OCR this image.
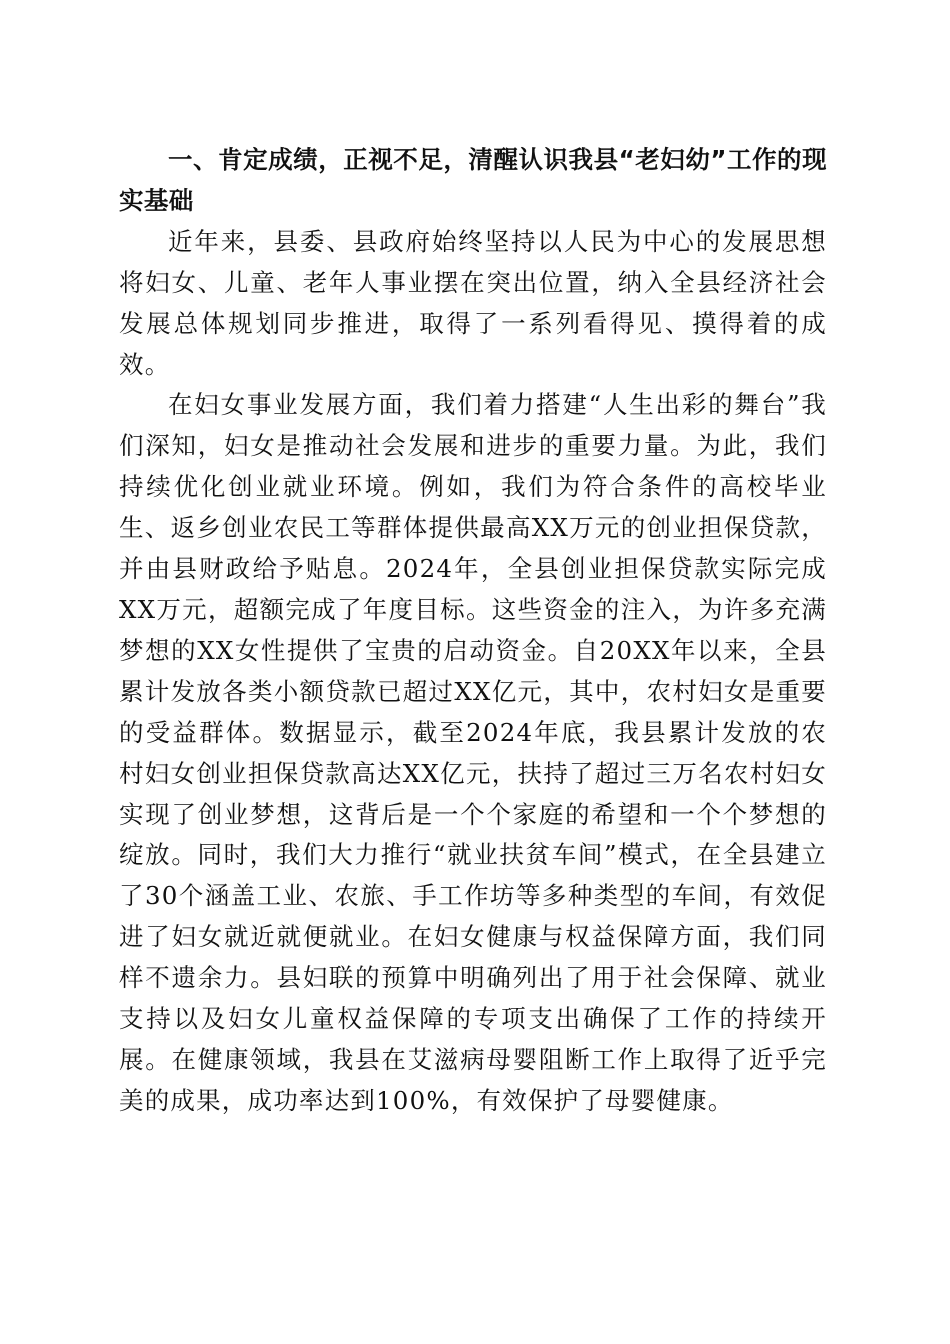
一、肯定成绩，正视不足，清醒认识我县“老妇幼”工作的现实基础

近年来，县委、县政府始终坚持以人民为中心的发展思想将妇女、儿童、老年人事业摆在突出位置，纳入全县经济社会发展总体规划同步推进，取得了一系列看得见、摸得着的成效。

在妇女事业发展方面，我们着力搭建“人生出彩的舞台”我们深知，妇女是推动社会发展和进步的重要力量。为此，我们持续优化创业就业环境。例如，我们为符合条件的高校毕业生、返乡创业农民工等群体提供最高XX万元的创业担保贷款，并由县财政给予贴息。2024年，全县创业担保贷款实际完成XX万元，超额完成了年度目标。这些资金的注入，为许多充满梦想的XX女性提供了宝贵的启动资金。自20XX年以来，全县累计发放各类小额贷款已超过XX亿元，其中，农村妇女是重要的受益群体。数据显示，截至2024年底，我县累计发放的农村妇女创业担保贷款高达XX亿元，扶持了超过三万名农村妇女实现了创业梦想，这背后是一个个家庭的希望和一个个梦想的绽放。同时，我们大力推行“就业扶贫车间”模式，在全县建立了30个涵盖工业、农旅、手工作坊等多种类型的车间，有效促进了妇女就近就便就业。在妇女健康与权益保障方面，我们同样不遗余力。县妇联的预算中明确列出了用于社会保障、就业支持以及妇女儿童权益保障的专项支出确保了工作的持续开展。在健康领域，我县在艾滋病母婴阻断工作上取得了近乎完美的成果，成功率达到100%，有效保护了母婴健康。
